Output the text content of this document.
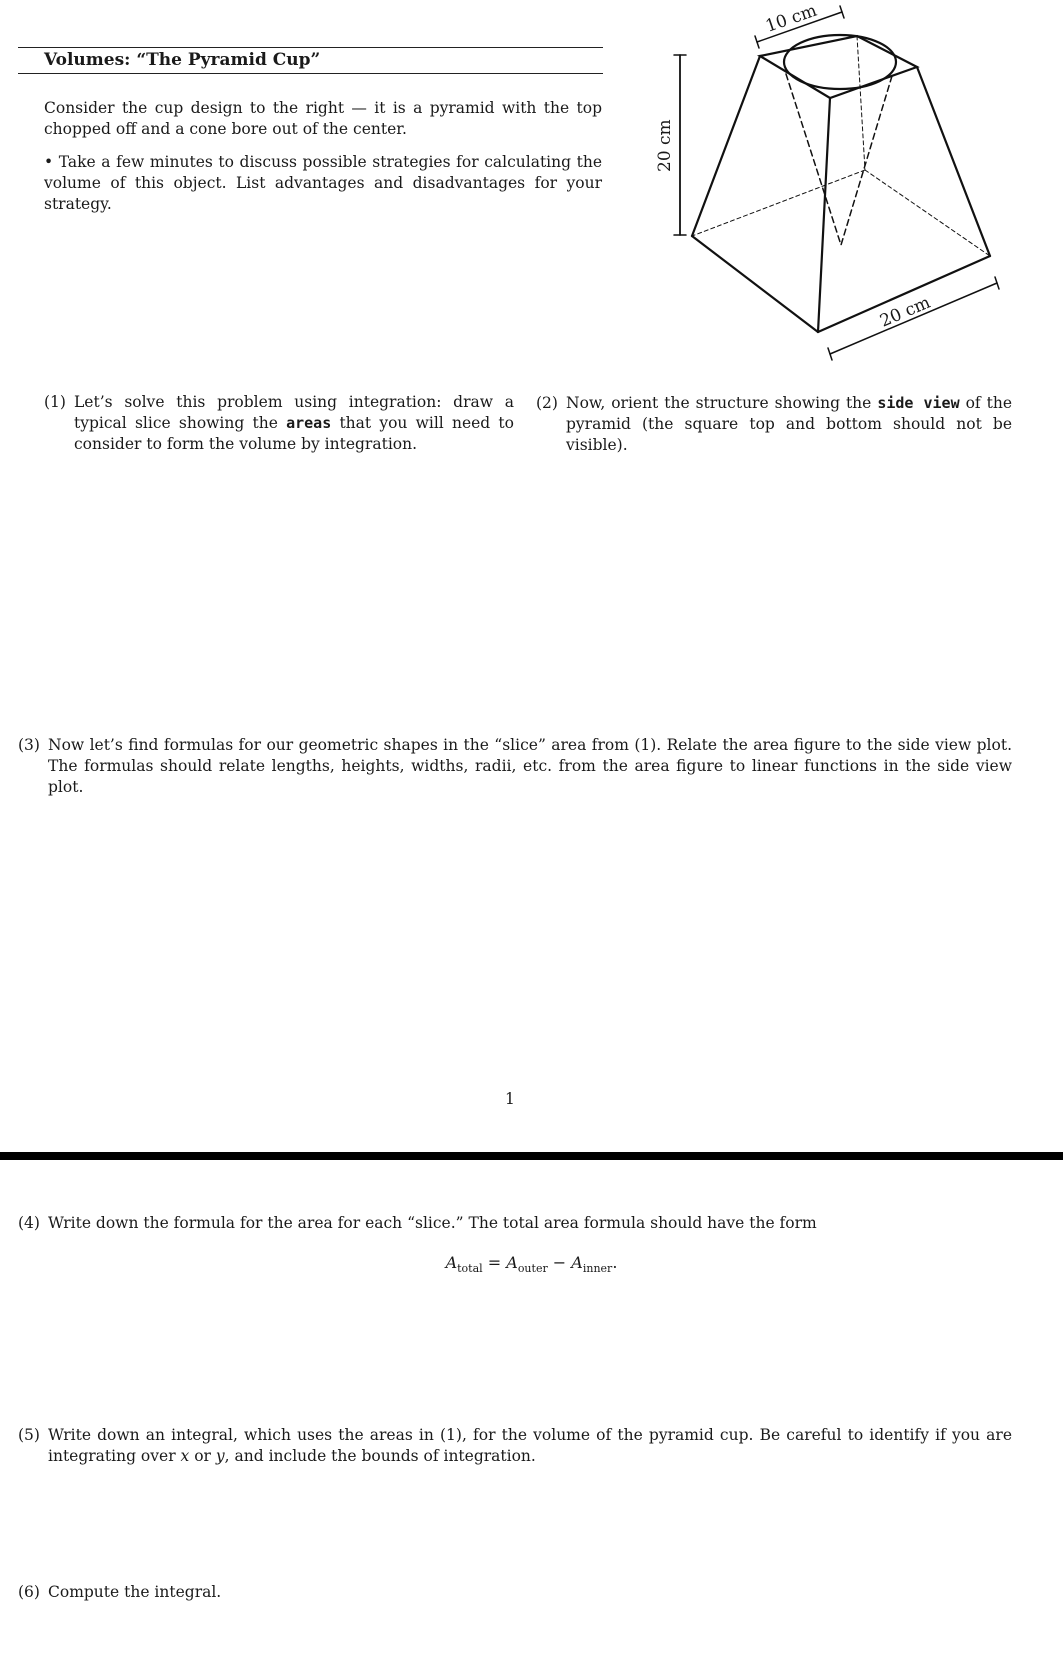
Volumes: “The Pyramid Cup”
Consider the cup design to the right — it is a pyramid with the top chopped off and a cone bore out of the center.
• Take a few minutes to discuss possible strategies for calculating the volume of this object. List advantages and disadvantages for your strategy.
10 cm
20 cm
20 cm
(1) Let’s solve this problem using integration: draw a typical slice showing the areas that you will need to consider to form the volume by integration.
(2) Now, orient the structure showing the side view of the pyramid (the square top and bottom should not be visible).
(3) Now let’s find formulas for our geometric shapes in the “slice” area from (1). Relate the area figure to the side view plot. The formulas should relate lengths, heights, widths, radii, etc. from the area figure to linear functions in the side view plot.
1
(4) Write down the formula for the area for each “slice.” The total area formula should have the form
$A_{total} = A_{outer} - A_{inner}$.
(5) Write down an integral, which uses the areas in (1), for the volume of the pyramid cup. Be careful to identify if you are integrating over x or y, and include the bounds of integration.
(6) Compute the integral.
